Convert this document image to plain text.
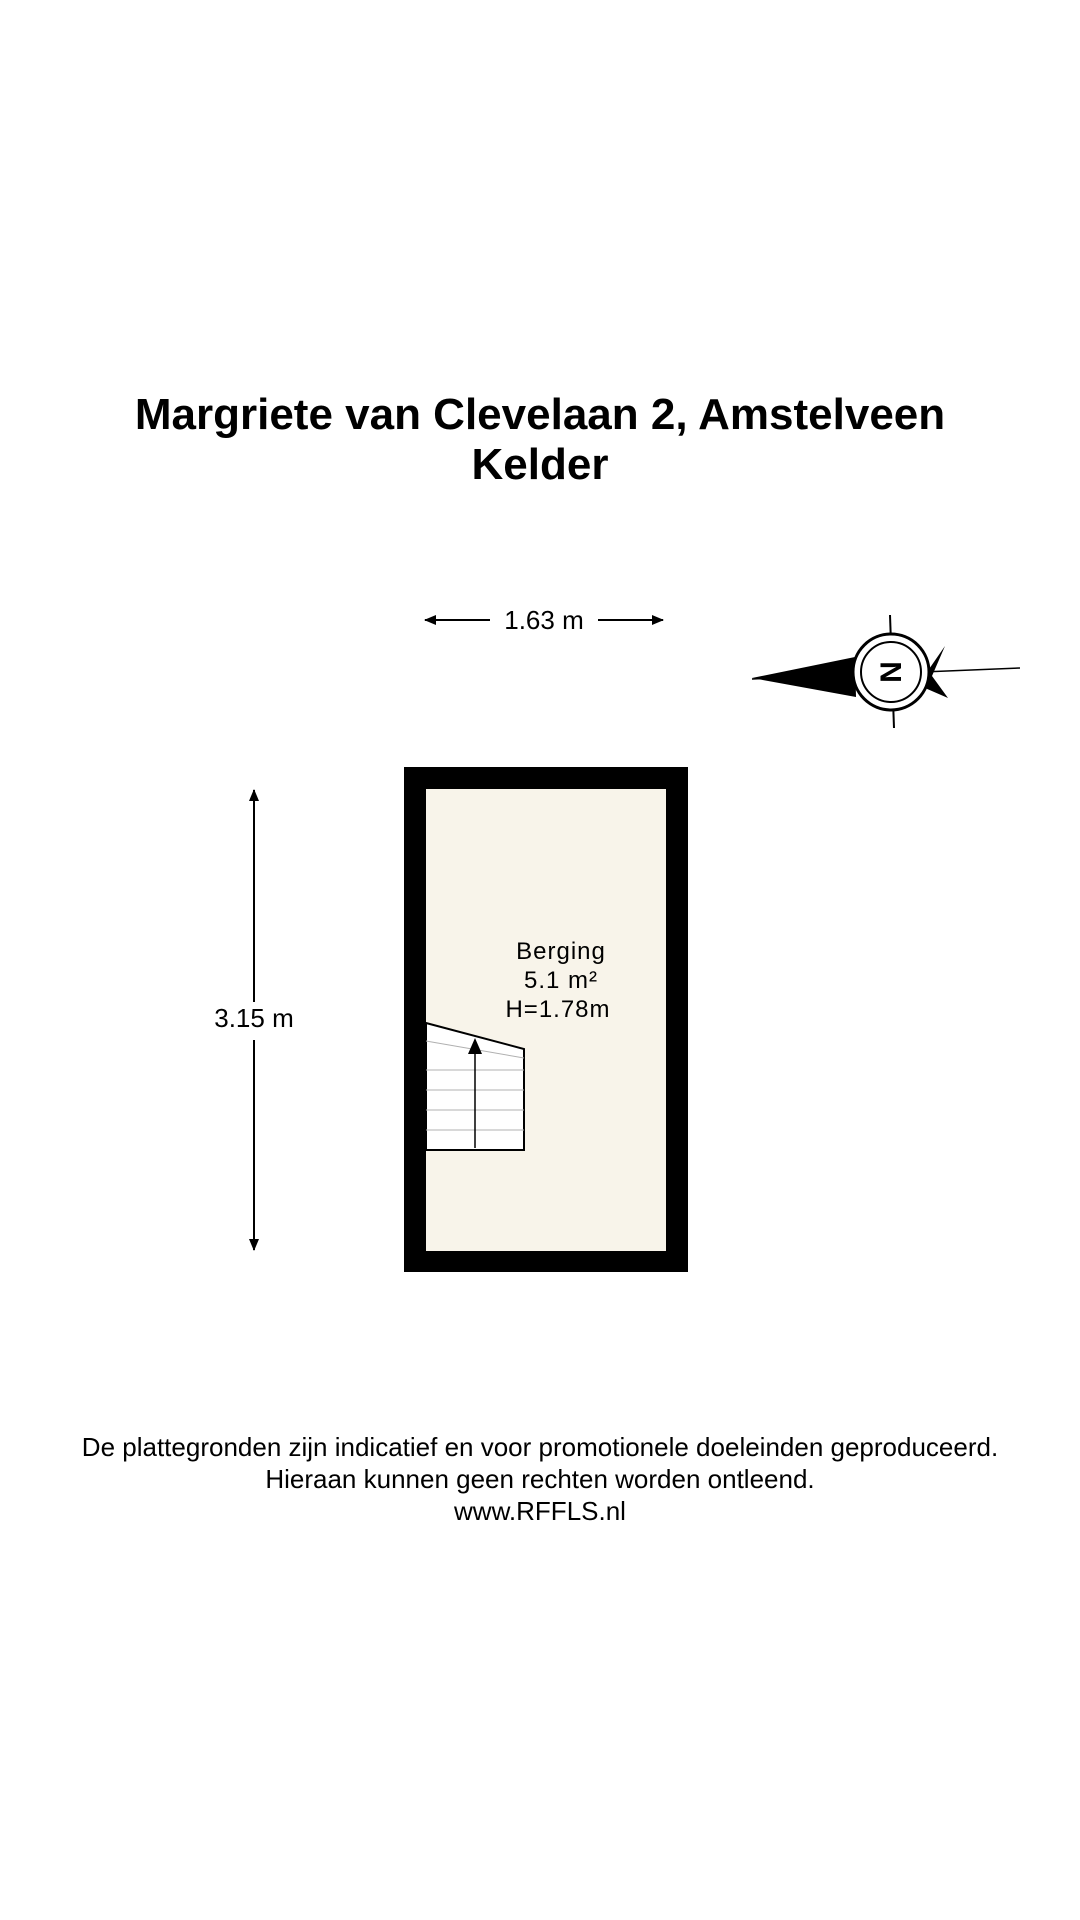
Margriete van Clevelaan 2, Amstelveen
Kelder
1.63 m
3.15 m
Berging
5.1 m²
H=1.78m
N
De plattegronden zijn indicatief en voor promotionele doeleinden geproduceerd.
Hieraan kunnen geen rechten worden ontleend.
www.RFFLS.nl
